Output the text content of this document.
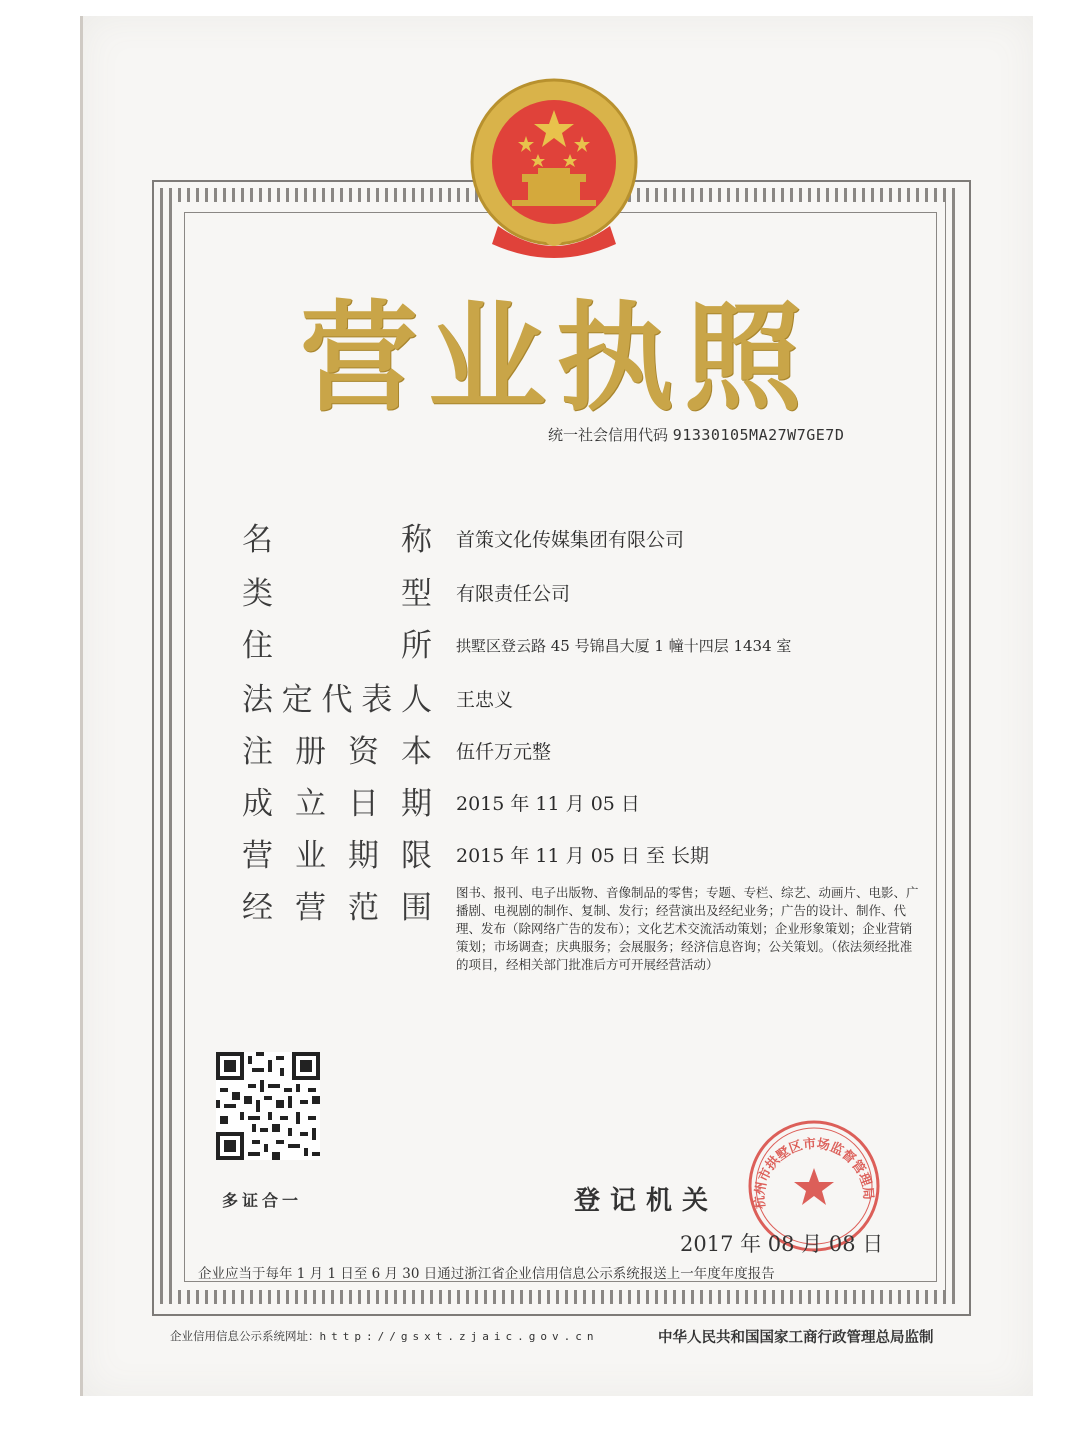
营业执照
统一社会信用代码 91330105MA27W7GE7D
名	称 首策文化传媒集团有限公司
类	型 有限责任公司
住	所 拱墅区登云路 45 号锦昌大厦 1 幢十四层 1434 室
法 定 代 表 人 王忠义
注 册 资 本 伍仟万元整
成 立 日 期 2015 年 11 月 05 日
营 业 期 限 2015 年 11 月 05 日 至 长期
经 营 范 围 图书、报刊、电子出版物、音像制品的零售；专题、专栏、综艺、动画片、电影、广播剧、电视剧的制作、复制、发行；经营演出及经纪业务；广告的设计、制作、代理、发布（除网络广告的发布）；文化艺术交流活动策划；企业形象策划；企业营销策划；市场调查；庆典服务；会展服务；经济信息咨询；公关策划。（依法须经批准的项目，经相关部门批准后方可开展经营活动）
多证合一	登记机关	杭州市拱墅区市场监督管理局
2017 年 08 月 08 日
企业应当于每年 1 月 1 日至 6 月 30 日通过浙江省企业信用信息公示系统报送上一年度年度报告
企业信用信息公示系统网址：http://gsxt.zjaic.gov.cn	中华人民共和国国家工商行政管理总局监制
